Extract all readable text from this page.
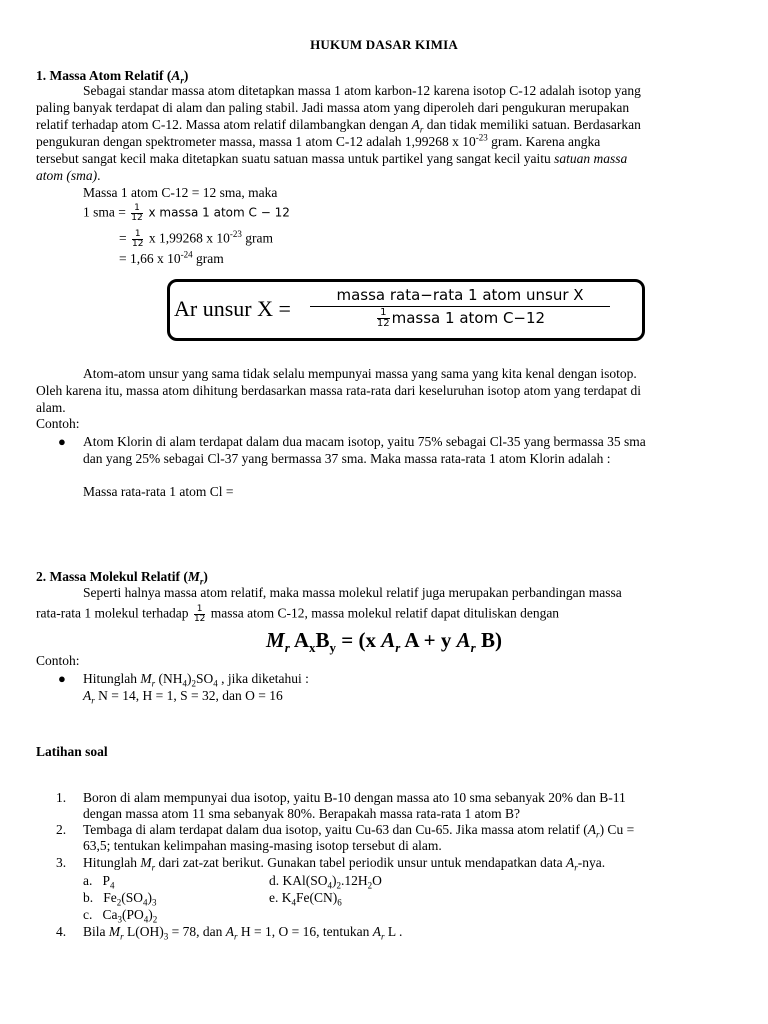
HUKUM DASAR KIMIA
1. Massa Atom Relatif $(A_r)$
Sebagai standar massa atom ditetapkan massa 1 atom karbon-12 karena isotop C-12 adalah isotop yang
paling banyak terdapat di alam dan paling stabil. Jadi massa atom yang diperoleh dari pengukuran merupakan
relatif terhadap atom C-12. Massa atom relatif dilambangkan dengan $A_r$ dan tidak memiliki satuan. Berdasarkan
pengukuran dengan spektrometer massa, massa 1 atom C-12 adalah 1,99268 x $10^{-23}$ gram. Karena angka
tersebut sangat kecil maka ditetapkan suatu satuan massa untuk partikel yang sangat kecil yaitu satuan massa
atom (sma).
Massa 1 atom C-12 = 12 sma, maka
1 sma = $\frac{1}{12}$ x massa 1 atom C − 12
= $\frac{1}{12}$ x 1,99268 x $10^{-23}$ gram
= 1,66 x $10^{-24}$ gram
Ar unsur X =
massa rata−rata 1 atom unsur X
$\frac{1}{12}$ massa 1 atom C−12
Atom-atom unsur yang sama tidak selalu mempunyai massa yang sama yang kita kenal dengan isotop.
Oleh karena itu, massa atom dihitung berdasarkan massa rata-rata dari keseluruhan isotop atom yang terdapat di
alam.
Contoh:
● Atom Klorin di alam terdapat dalam dua macam isotop, yaitu 75% sebagai Cl-35 yang bermassa 35 sma
dan yang 25% sebagai Cl-37 yang bermassa 37 sma. Maka massa rata-rata 1 atom Klorin adalah :
Massa rata-rata 1 atom Cl =
2. Massa Molekul Relatif $(M_r)$
Seperti halnya massa atom relatif, maka massa molekul relatif juga merupakan perbandingan massa
rata-rata 1 molekul terhadap $\frac{1}{12}$ massa atom C-12, massa molekul relatif dapat dituliskan dengan
$M_r$ $A_xB_y = (x$ $A_r$ A + y $A_r$ B)
Contoh:
● Hitunglah $M_r$ $(NH_4)_2SO_4$ , jika diketahui :
$A_r$ N = 14, H = 1, S = 32, dan O = 16
Latihan soal
1. Boron di alam mempunyai dua isotop, yaitu B-10 dengan massa ato 10 sma sebanyak 20% dan B-11
dengan massa atom 11 sma sebanyak 80%. Berapakah massa rata-rata 1 atom B?
2. Tembaga di alam terdapat dalam dua isotop, yaitu Cu-63 dan Cu-65. Jika massa atom relatif $(A_r) Cu$ =
63,5; tentukan kelimpahan masing-masing isotop tersebut di alam.
3. Hitunglah $M_r$ dari zat-zat berikut. Gunakan tabel periodik unsur untuk mendapatkan data $A_r$-nya.
a.   $P_4$	d. $KAl(SO_4)_2.12H_2O$
b.   $Fe_2(SO_4)_3$	e. $K_4Fe(CN)_6$
c.   $Ca_3(PO_4)_2$
4. Bila $M_r$ $L(OH)_3 = 78$, dan $A_r$ H = 1, O = 16, tentukan $A_r$ L .
